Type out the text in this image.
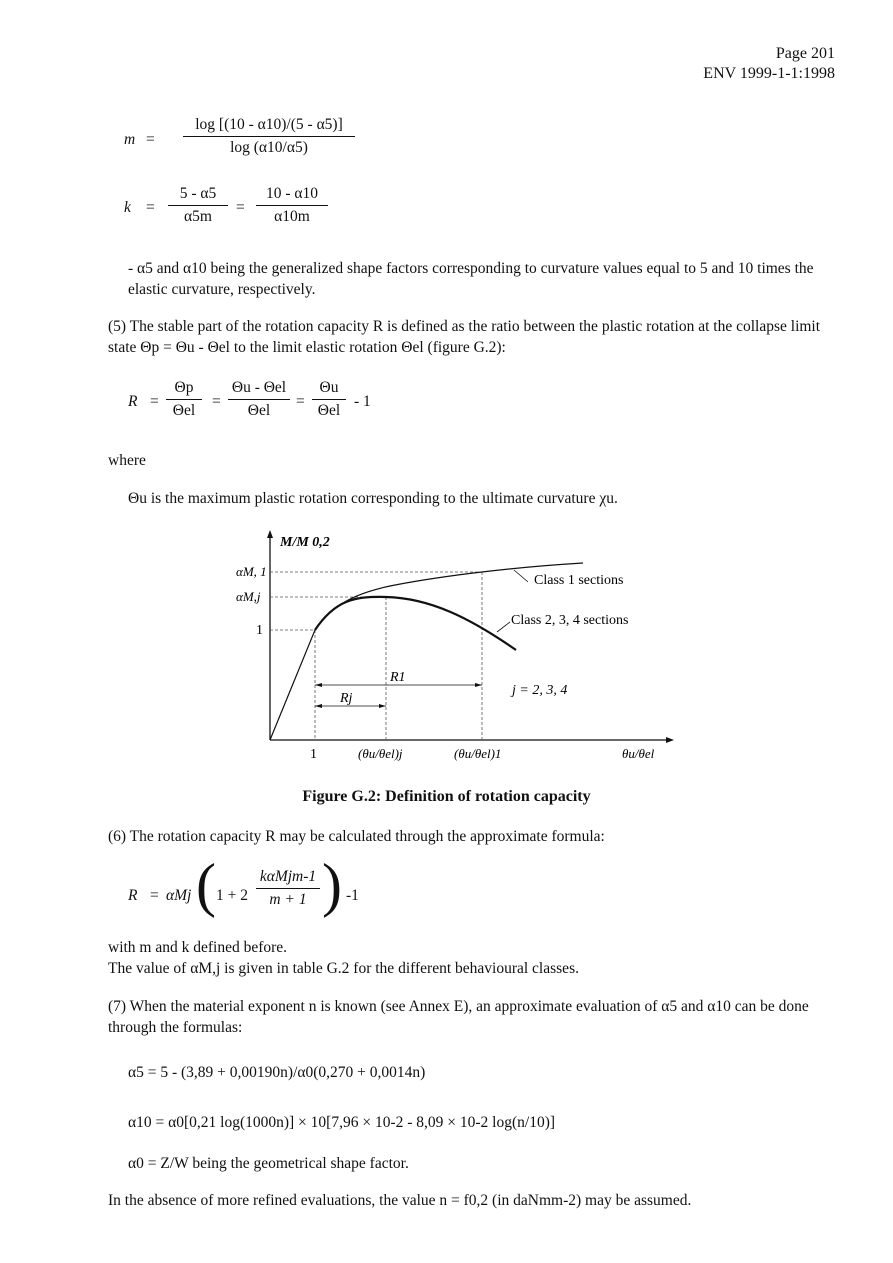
Page 201
ENV 1999-1-1:1998
$m = \frac{\log [(10 - \alpha 10)/(5 - \alpha 5)]}{\log (\alpha 10/\alpha 5)}$
$k = \frac{5 - \alpha 5}{\alpha 5m} = \frac{10 - \alpha 10}{\alpha 10m}$
- α5 and α10 being the generalized shape factors corresponding to curvature values equal to 5 and 10 times the elastic curvature, respectively.
(5) The stable part of the rotation capacity R is defined as the ratio between the plastic rotation at the collapse limit state Θp = Θu - Θel to the limit elastic rotation Θel (figure G.2):
R =
Θp
Θel
=
Θu - Θel
Θel
=
Θu
Θel
- 1
where
Θu is the maximum plastic rotation corresponding to the ultimate curvature χu.
M/M 0,2
αM, 1
αM,j
1
Class 1 sections
Class 2, 3, 4 sections
R1
Rj
j = 2, 3, 4
1	(θu/θel)j	(θu/θel)1	θu/θel
Figure G.2: Definition of rotation capacity
(6) The rotation capacity R may be calculated through the approximate formula:
R = αMj ( 1 + 2
kαMjm-1
m + 1 ) -1
with m and k defined before.
The value of αM,j is given in table G.2 for the different behavioural classes.
(7) When the material exponent n is known (see Annex E), an approximate evaluation of α5 and α10 can be done through the formulas:
α5 = 5 - (3,89 + 0,00190n)/α0(0,270 + 0,0014n)
α10 = α0[0,21 log(1000n)] × 10[7,96 × 10-2 - 8,09 × 10-2 log(n/10)]
α0 = Z/W being the geometrical shape factor.
In the absence of more refined evaluations, the value n = f0,2 (in daNmm-2) may be assumed.
